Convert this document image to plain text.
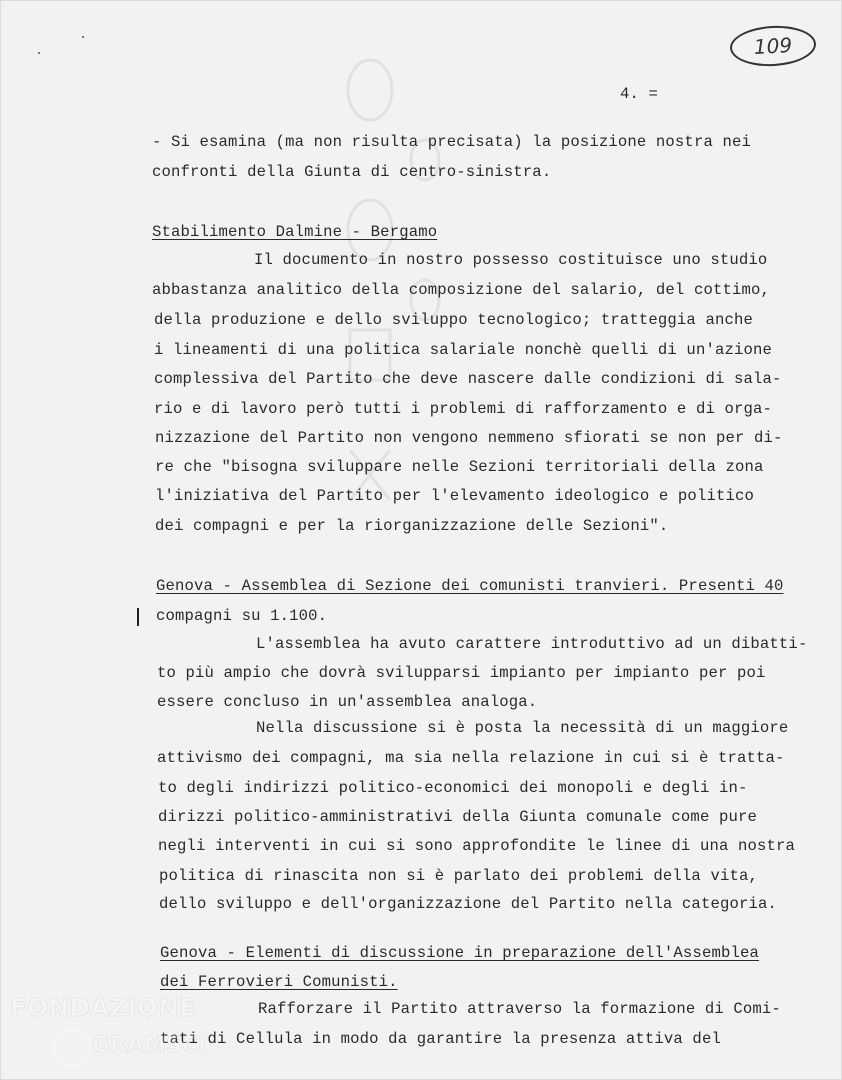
109
4. =
- Si esamina (ma non risulta precisata) la posizione nostra nei
confronti della Giunta di centro-sinistra.
Stabilimento Dalmine - Bergamo
Il documento in nostro possesso costituisce uno studio
abbastanza analitico della composizione del salario, del cottimo,
della produzione e dello sviluppo tecnologico; tratteggia anche
i lineamenti di una politica salariale nonchè quelli di un'azione
complessiva del Partito che deve nascere dalle condizioni di sala-
rio e di lavoro però tutti i problemi di rafforzamento e di orga-
nizzazione del Partito non vengono nemmeno sfiorati se non per di-
re che "bisogna sviluppare nelle Sezioni territoriali della zona
l'iniziativa del Partito per l'elevamento ideologico e politico
dei compagni e per la riorganizzazione delle Sezioni".
Genova - Assemblea di Sezione dei comunisti tranvieri. Presenti 40
compagni su 1.100.
L'assemblea ha avuto carattere introduttivo ad un dibatti-
to più ampio che dovrà svilupparsi impianto per impianto per poi
essere concluso in un'assemblea analoga.
Nella discussione si è posta la necessità di un maggiore
attivismo dei compagni, ma sia nella relazione in cui si è tratta-
to degli indirizzi politico-economici dei monopoli e degli in-
dirizzi politico-amministrativi della Giunta comunale come pure
negli interventi in cui si sono approfondite le linee di una nostra
politica di rinascita non si è parlato dei problemi della vita,
dello sviluppo e dell'organizzazione del Partito nella categoria.
Genova - Elementi di discussione in preparazione dell'Assemblea
dei Ferrovieri Comunisti.
Rafforzare il Partito attraverso la formazione di Comi-
tati di Cellula in modo da garantire la presenza attiva del
FONDAZIONE
GRAMSCI
